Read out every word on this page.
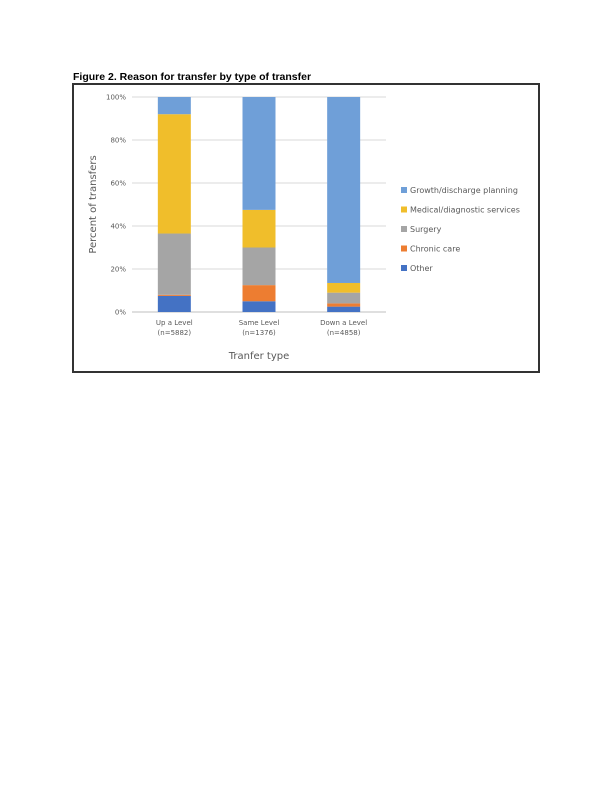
Figure 2. Reason for transfer by type of transfer
0%
20%
40%
60%
80%
100%
Up a Level
(n=5882)
Same Level
(n=1376)
Down a Level
(n=4858)
Tranfer type
Percent of transfers	Growth/discharge planning
Medical/diagnostic services
Surgery
Chronic care
Other
